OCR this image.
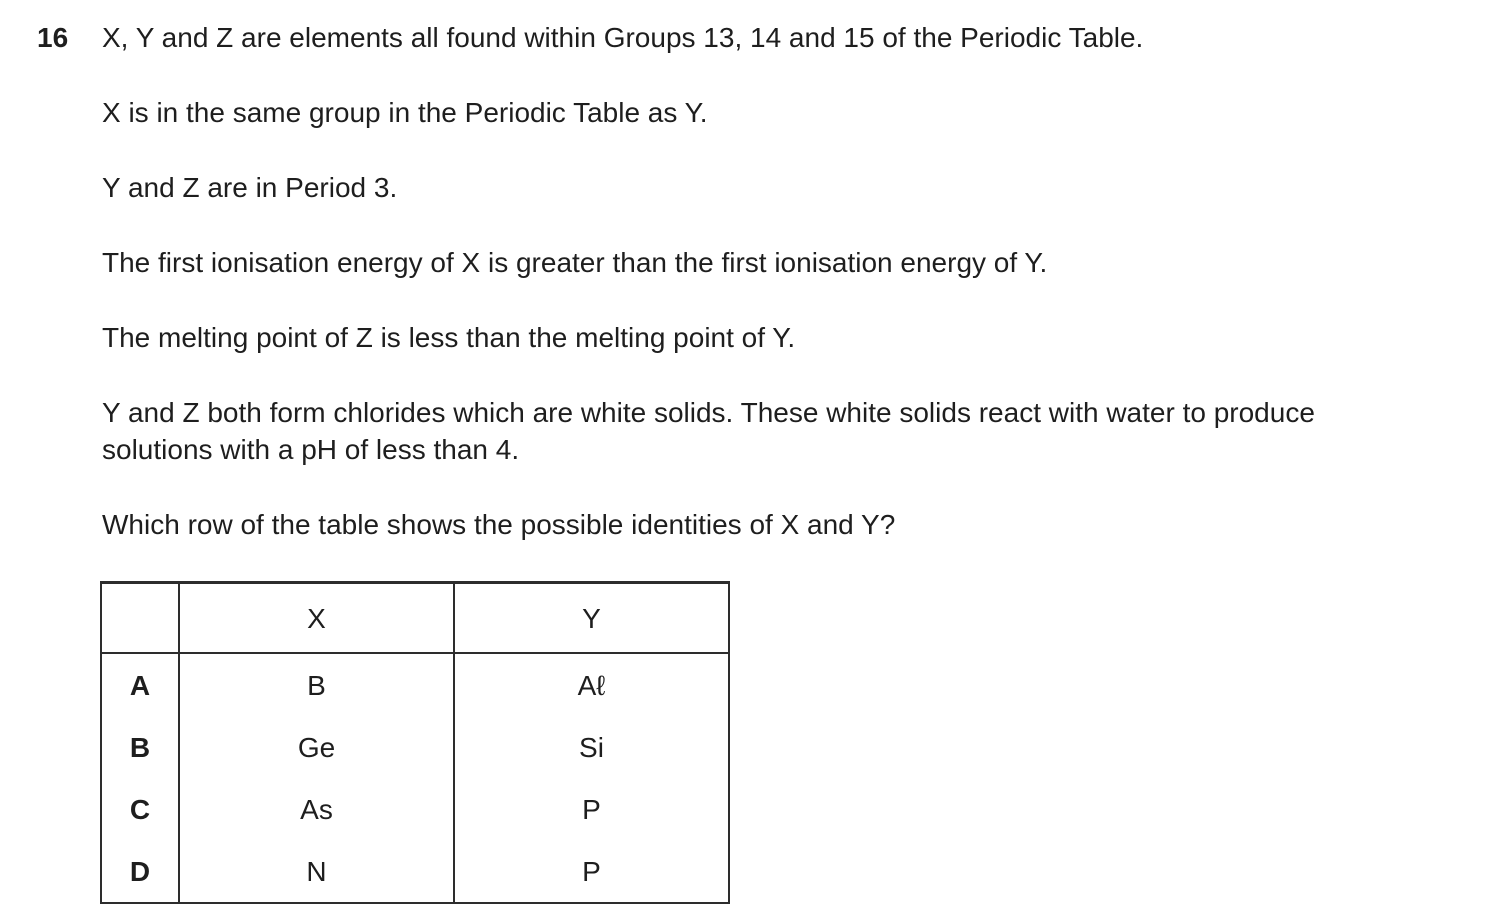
16 X, Y and Z are elements all found within Groups 13, 14 and 15 of the Periodic Table.

X is in the same group in the Periodic Table as Y.

Y and Z are in Period 3.

The first ionisation energy of X is greater than the first ionisation energy of Y.

The melting point of Z is less than the melting point of Y.

Y and Z both form chlorides which are white solids. These white solids react with water to produce solutions with a pH of less than 4.

Which row of the table shows the possible identities of X and Y?

	X	Y
A	B	Aℓ
B	Ge	Si
C	As	P
D	N	P
